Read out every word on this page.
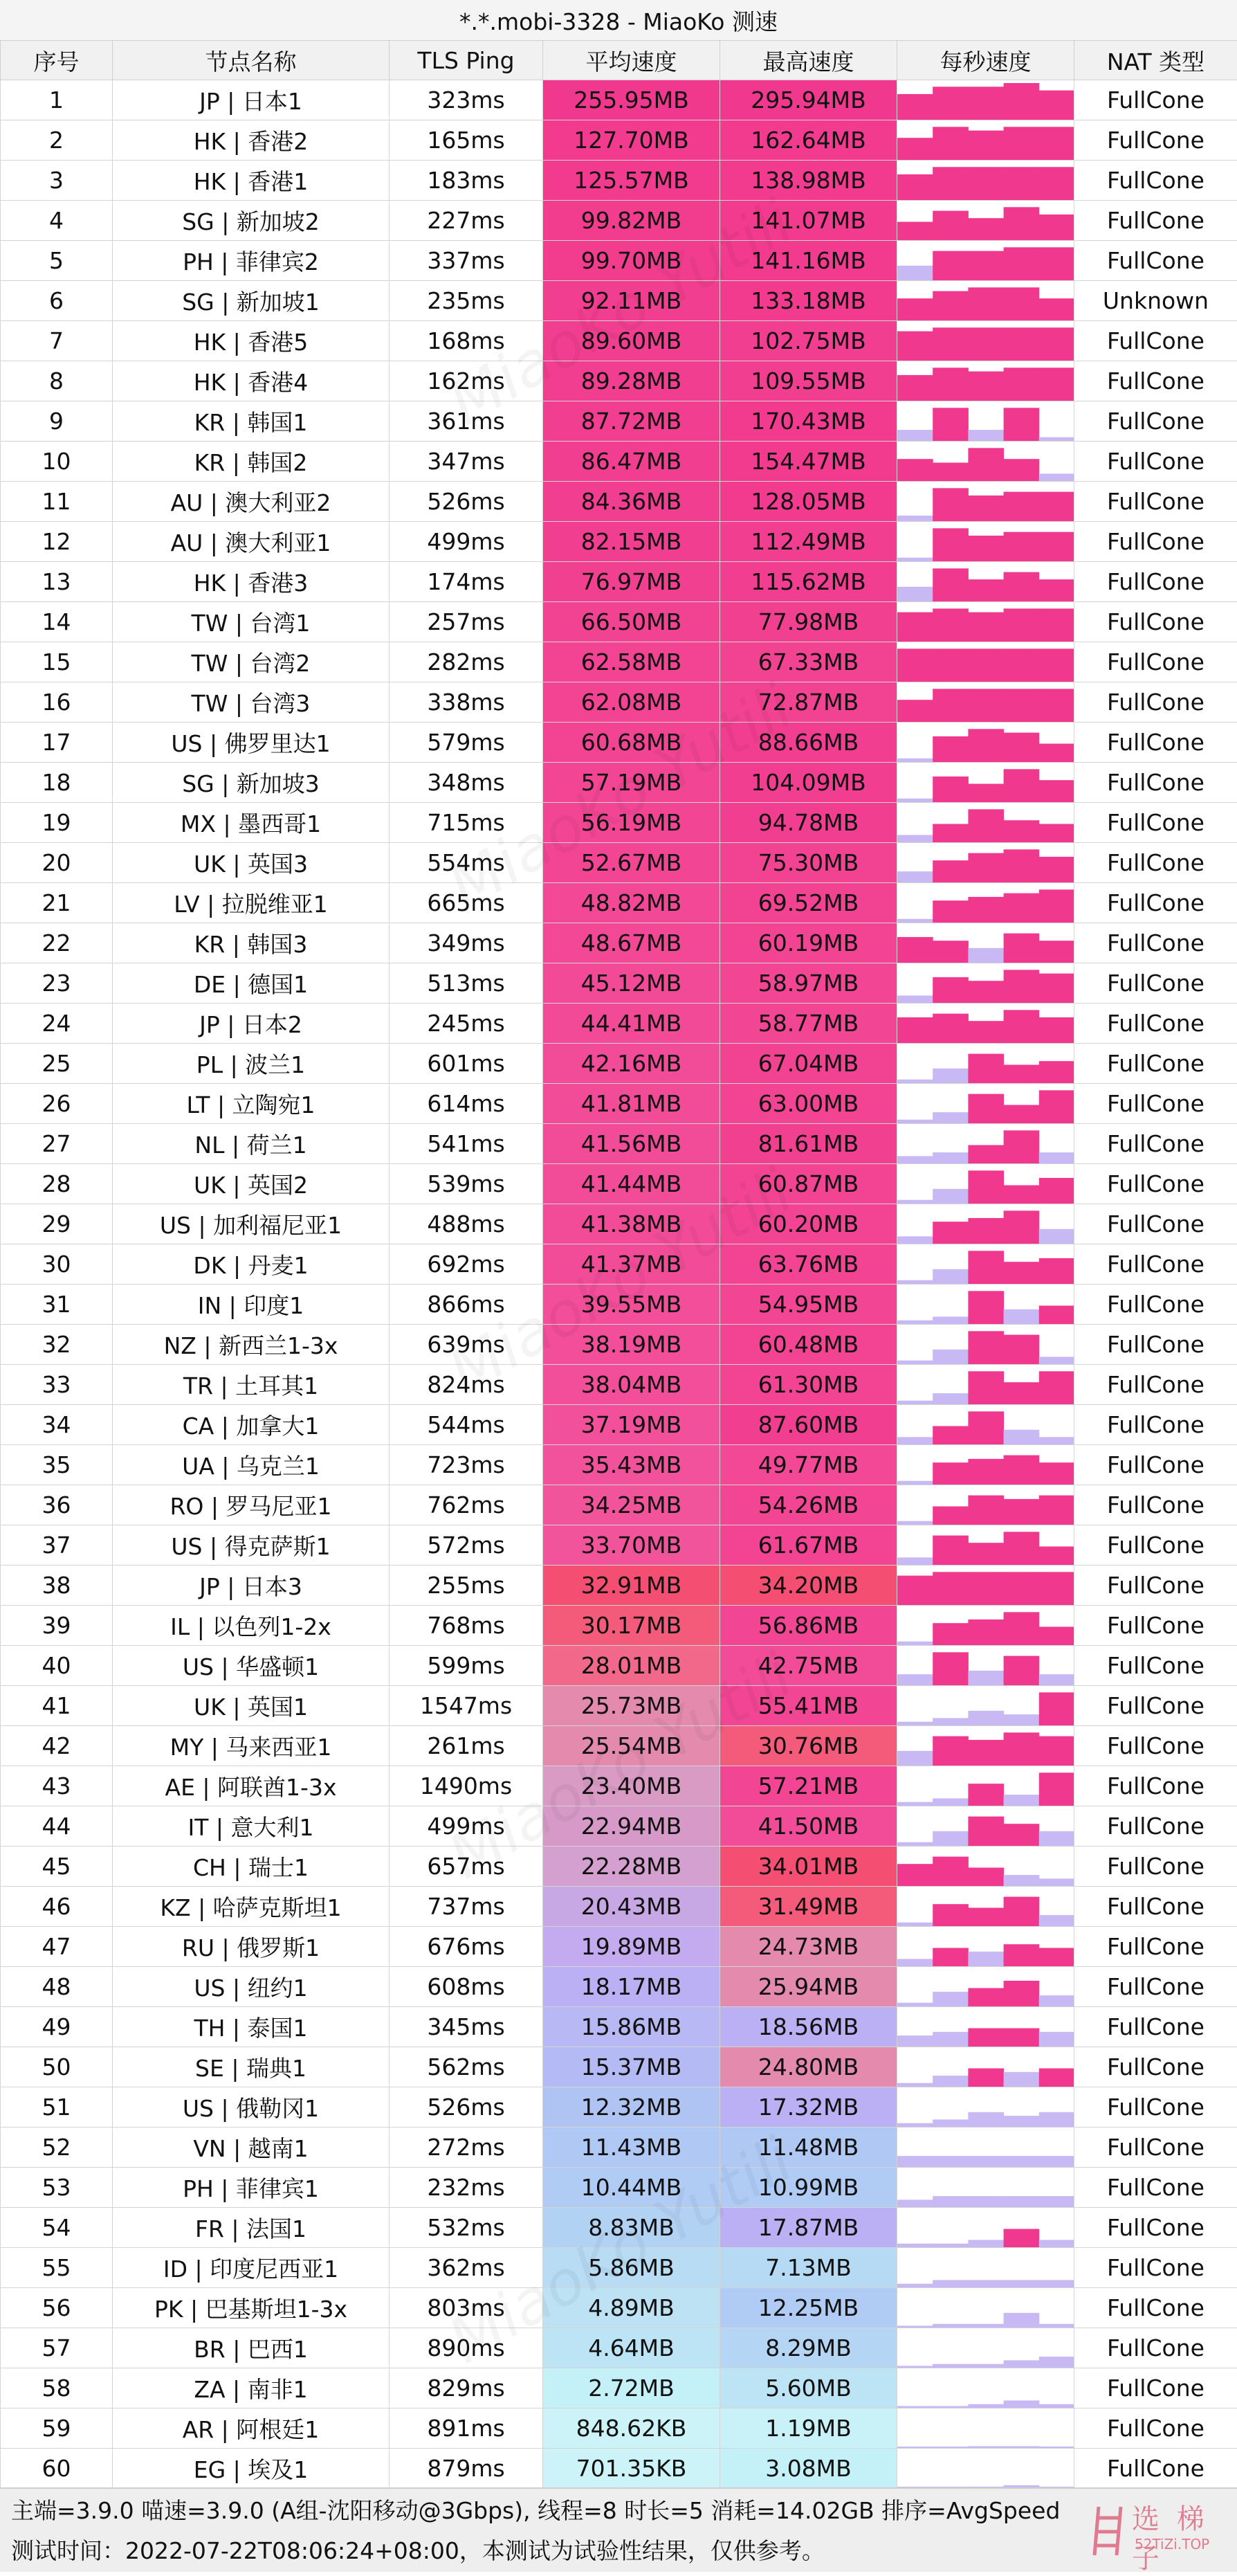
*.*.mobi-3328 - MiaoKo 测速
序号	节点名称	TLS Ping	平均速度	最高速度	每秒速度	NAT 类型
1	JP | 日本1	323ms	255.95MB	295.94MB		FullCone
2	HK | 香港2	165ms	127.70MB	162.64MB		FullCone
3	HK | 香港1	183ms	125.57MB	138.98MB		FullCone
4	SG | 新加坡2	227ms	99.82MB	141.07MB		FullCone
5	PH | 菲律宾2	337ms	99.70MB	141.16MB		FullCone
6	SG | 新加坡1	235ms	92.11MB	133.18MB		Unknown
7	HK | 香港5	168ms	89.60MB	102.75MB		FullCone
8	HK | 香港4	162ms	89.28MB	109.55MB		FullCone
9	KR | 韩国1	361ms	87.72MB	170.43MB		FullCone
10	KR | 韩国2	347ms	86.47MB	154.47MB		FullCone
11	AU | 澳大利亚2	526ms	84.36MB	128.05MB		FullCone
12	AU | 澳大利亚1	499ms	82.15MB	112.49MB		FullCone
13	HK | 香港3	174ms	76.97MB	115.62MB		FullCone
14	TW | 台湾1	257ms	66.50MB	77.98MB		FullCone
15	TW | 台湾2	282ms	62.58MB	67.33MB		FullCone
16	TW | 台湾3	338ms	62.08MB	72.87MB		FullCone
17	US | 佛罗里达1	579ms	60.68MB	88.66MB		FullCone
18	SG | 新加坡3	348ms	57.19MB	104.09MB		FullCone
19	MX | 墨西哥1	715ms	56.19MB	94.78MB		FullCone
20	UK | 英国3	554ms	52.67MB	75.30MB		FullCone
21	LV | 拉脱维亚1	665ms	48.82MB	69.52MB		FullCone
22	KR | 韩国3	349ms	48.67MB	60.19MB		FullCone
23	DE | 德国1	513ms	45.12MB	58.97MB		FullCone
24	JP | 日本2	245ms	44.41MB	58.77MB		FullCone
25	PL | 波兰1	601ms	42.16MB	67.04MB		FullCone
26	LT | 立陶宛1	614ms	41.81MB	63.00MB		FullCone
27	NL | 荷兰1	541ms	41.56MB	81.61MB		FullCone
28	UK | 英国2	539ms	41.44MB	60.87MB		FullCone
29	US | 加利福尼亚1	488ms	41.38MB	60.20MB		FullCone
30	DK | 丹麦1	692ms	41.37MB	63.76MB		FullCone
31	IN | 印度1	866ms	39.55MB	54.95MB		FullCone
32	NZ | 新西兰1-3x	639ms	38.19MB	60.48MB		FullCone
33	TR | 土耳其1	824ms	38.04MB	61.30MB		FullCone
34	CA | 加拿大1	544ms	37.19MB	87.60MB		FullCone
35	UA | 乌克兰1	723ms	35.43MB	49.77MB		FullCone
36	RO | 罗马尼亚1	762ms	34.25MB	54.26MB		FullCone
37	US | 得克萨斯1	572ms	33.70MB	61.67MB		FullCone
38	JP | 日本3	255ms	32.91MB	34.20MB		FullCone
39	IL | 以色列1-2x	768ms	30.17MB	56.86MB		FullCone
40	US | 华盛顿1	599ms	28.01MB	42.75MB		FullCone
41	UK | 英国1	1547ms	25.73MB	55.41MB		FullCone
42	MY | 马来西亚1	261ms	25.54MB	30.76MB		FullCone
43	AE | 阿联酋1-3x	1490ms	23.40MB	57.21MB		FullCone
44	IT | 意大利1	499ms	22.94MB	41.50MB		FullCone
45	CH | 瑞士1	657ms	22.28MB	34.01MB		FullCone
46	KZ | 哈萨克斯坦1	737ms	20.43MB	31.49MB		FullCone
47	RU | 俄罗斯1	676ms	19.89MB	24.73MB		FullCone
48	US | 纽约1	608ms	18.17MB	25.94MB		FullCone
49	TH | 泰国1	345ms	15.86MB	18.56MB		FullCone
50	SE | 瑞典1	562ms	15.37MB	24.80MB		FullCone
51	US | 俄勒冈1	526ms	12.32MB	17.32MB		FullCone
52	VN | 越南1	272ms	11.43MB	11.48MB		FullCone
53	PH | 菲律宾1	232ms	10.44MB	10.99MB		FullCone
54	FR | 法国1	532ms	8.83MB	17.87MB		FullCone
55	ID | 印度尼西亚1	362ms	5.86MB	7.13MB		FullCone
56	PK | 巴基斯坦1-3x	803ms	4.89MB	12.25MB		FullCone
57	BR | 巴西1	890ms	4.64MB	8.29MB		FullCone
58	ZA | 南非1	829ms	2.72MB	5.60MB		FullCone
59	AR | 阿根廷1	891ms	848.62KB	1.19MB		FullCone
60	EG | 埃及1	879ms	701.35KB	3.08MB		FullCone
主端=3.9.0 喵速=3.9.0 (A组-沈阳移动@3Gbps), 线程=8 时长=5 消耗=14.02GB 排序=AvgSpeed
测试时间：2022-07-22T08:06:24+08:00，本测试为试验性结果，仅供参考。
选 梯 子
52TiZi.TOP
